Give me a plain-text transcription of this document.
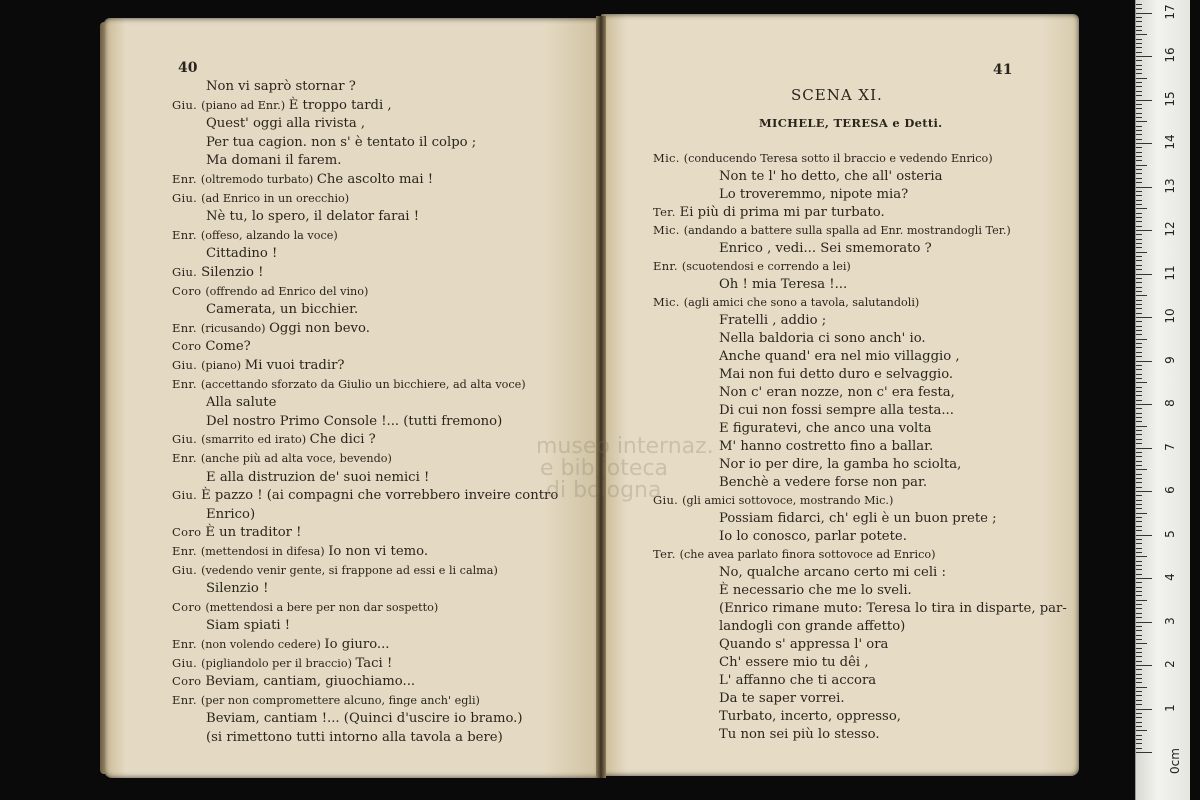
40
Non vi saprò stornar ?
Giu. (piano ad Enr.) È troppo tardi ,
Quest' oggi alla rivista ,
Per tua cagion. non s' è tentato il colpo ;
Ma domani il farem.
Enr. (oltremodo turbato) Che ascolto mai !
Giu. (ad Enrico in un orecchio)
Nè tu, lo spero, il delator farai !
Enr. (offeso, alzando la voce)
Cittadino !
Giu. Silenzio !
Coro (offrendo ad Enrico del vino)
Camerata, un bicchier.
Enr. (ricusando) Oggi non bevo.
Coro Come?
Giu. (piano) Mi vuoi tradir?
Enr. (accettando sforzato da Giulio un bicchiere, ad alta voce)
Alla salute
Del nostro Primo Console !... (tutti fremono)
Giu. (smarrito ed irato) Che dici ?
Enr. (anche più ad alta voce, bevendo)
E alla distruzion de' suoi nemici !
Giu. È pazzo ! (ai compagni che vorrebbero inveire contro
Enrico)
Coro È un traditor !
Enr. (mettendosi in difesa) Io non vi temo.
Giu. (vedendo venir gente, si frappone ad essi e li calma)
Silenzio !
Coro (mettendosi a bere per non dar sospetto)
Siam spiati !
Enr. (non volendo cedere) Io giuro...
Giu. (pigliandolo per il braccio) Taci !
Coro Beviam, cantiam, giuochiamo...
Enr. (per non compromettere alcuno, finge anch' egli)
Beviam, cantiam !... (Quinci d'uscire io bramo.)
(si rimettono tutti intorno alla tavola a bere)
41
SCENA XI.
MICHELE, TERESA e Detti.
Mic. (conducendo Teresa sotto il braccio e vedendo Enrico)
Non te l' ho detto, che all' osteria
Lo troveremmo, nipote mia?
Ter. Ei più di prima mi par turbato.
Mic. (andando a battere sulla spalla ad Enr. mostrandogli Ter.)
Enrico , vedi... Sei smemorato ?
Enr. (scuotendosi e correndo a lei)
Oh ! mia Teresa !...
Mic. (agli amici che sono a tavola, salutandoli)
Fratelli , addio ;
Nella baldoria ci sono anch' io.
Anche quand' era nel mio villaggio ,
Mai non fui detto duro e selvaggio.
Non c' eran nozze, non c' era festa,
Di cui non fossi sempre alla testa...
E figuratevi, che anco una volta
M' hanno costretto fino a ballar.
Nor io per dire, la gamba ho sciolta,
Benchè a vedere forse non par.
Giu. (gli amici sottovoce, mostrando Mic.)
Possiam fidarci, ch' egli è un buon prete ;
Io lo conosco, parlar potete.
Ter. (che avea parlato finora sottovoce ad Enrico)
No, qualche arcano certo mi celi :
È necessario che me lo sveli.
(Enrico rimane muto: Teresa lo tira in disparte, par-
landogli con grande affetto)
Quando s' appressa l' ora
Ch' essere mio tu dêi ,
L' affanno che ti accora
Da te saper vorrei.
Turbato, incerto, oppresso,
Tu non sei più lo stesso.
museo internaz.
e biblioteca
di bologna
0cm
1
2
3
4
5
6
7
8
9
10
11
12
13
14
15
16
17
